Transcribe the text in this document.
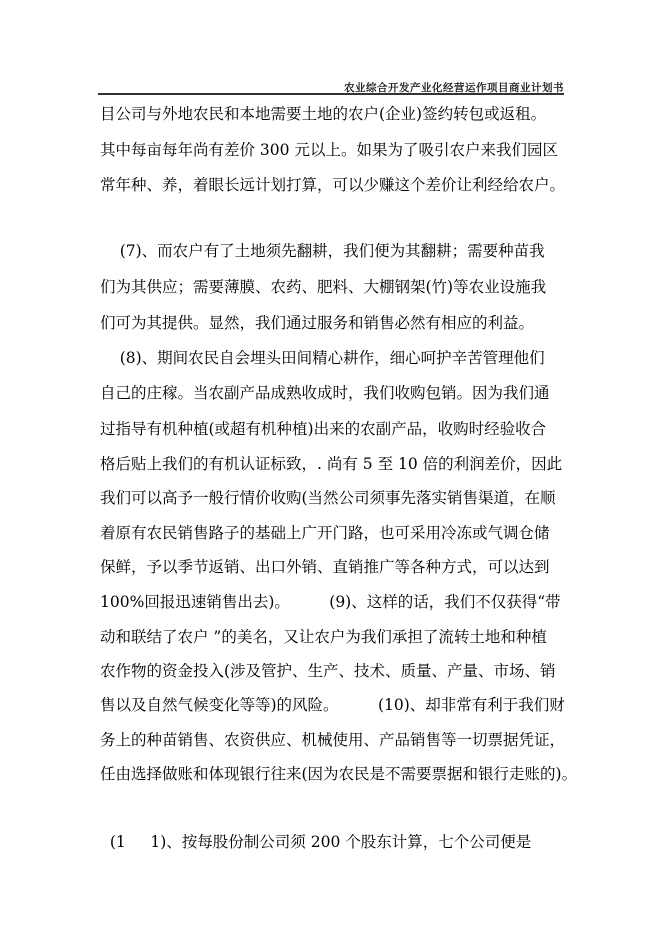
农业综合开发产业化经营运作项目商业计划书

目公司与外地农民和本地需要土地的农户(企业)签约转包或返租。

其中每亩每年尚有差价 300 元以上。如果为了吸引农户来我们园区

常年种、养，着眼长远计划打算，可以少赚这个差价让利经给农户。

(7)、而农户有了土地须先翻耕，我们便为其翻耕；需要种苗我

们为其供应；需要薄膜、农药、肥料、大棚钢架(竹)等农业设施我

们可为其提供。显然，我们通过服务和销售必然有相应的利益。

(8)、期间农民自会埋头田间精心耕作，细心呵护辛苦管理他们

自己的庄稼。当农副产品成熟收成时，我们收购包销。因为我们通

过指导有机种植(或超有机种植)出来的农副产品，收购时经验收合

格后贴上我们的有机认证标致，. 尚有 5 至 10 倍的利润差价，因此

我们可以高予一般行情价收购(当然公司须事先落实销售渠道，在顺

着原有农民销售路子的基础上广开门路，也可采用冷冻或气调仓储

保鲜，予以季节返销、出口外销、直销推广等各种方式，可以达到

100%回报迅速销售出去)。        (9)、这样的话，我们不仅获得“带

动和联结了农户 ”的美名，又让农户为我们承担了流转土地和种植

农作物的资金投入(涉及管护、生产、技术、质量、产量、市场、销

售以及自然气候变化等等)的风险。        (10)、却非常有利于我们财

务上的种苗销售、农资供应、机械使用、产品销售等一切票据凭证，

任由选择做账和体现银行往来(因为农民是不需要票据和银行走账的)。

(1     1)、按每股份制公司须 200 个股东计算，七个公司便是
